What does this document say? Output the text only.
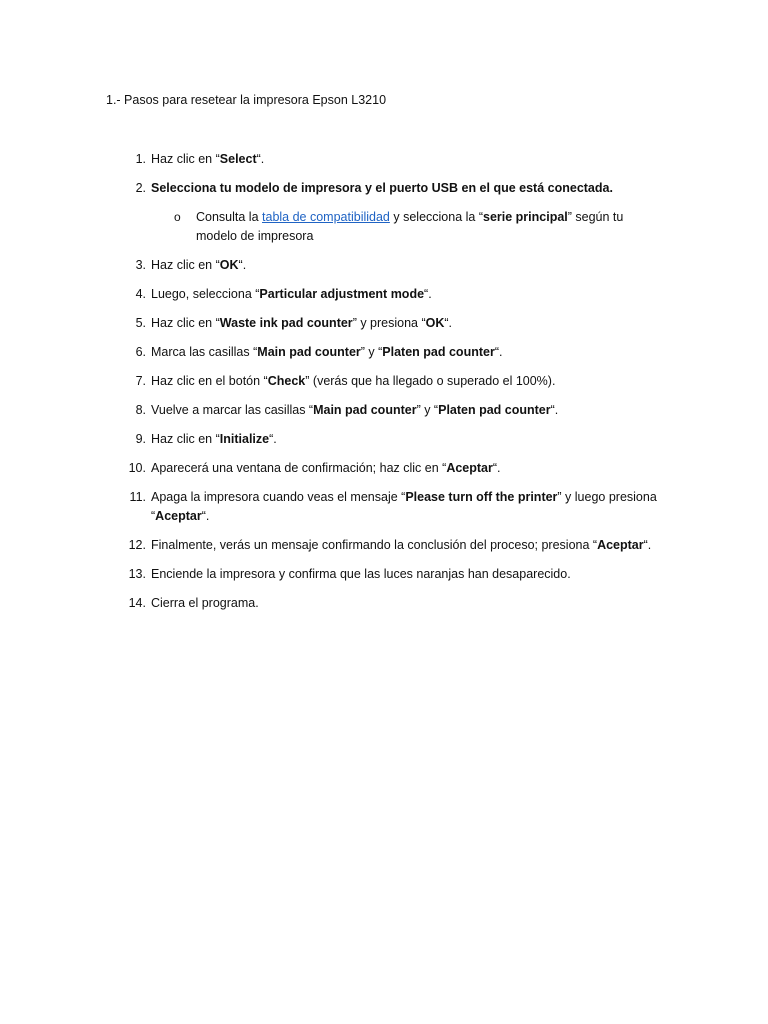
1.- Pasos para resetear la impresora Epson L3210
1. Haz clic en “Select“.
2. Selecciona tu modelo de impresora y el puerto USB en el que está conectada.
o Consulta la tabla de compatibilidad y selecciona la “serie principal” según tu modelo de impresora
3. Haz clic en “OK“.
4. Luego, selecciona “Particular adjustment mode“.
5. Haz clic en “Waste ink pad counter” y presiona “OK“.
6. Marca las casillas “Main pad counter” y “Platen pad counter“.
7. Haz clic en el botón “Check” (verás que ha llegado o superado el 100%).
8. Vuelve a marcar las casillas “Main pad counter” y “Platen pad counter“.
9. Haz clic en “Initialize“.
10. Aparecerá una ventana de confirmación; haz clic en “Aceptar“.
11. Apaga la impresora cuando veas el mensaje “Please turn off the printer” y luego presiona “Aceptar“.
12. Finalmente, verás un mensaje confirmando la conclusión del proceso; presiona “Aceptar“.
13. Enciende la impresora y confirma que las luces naranjas han desaparecido.
14. Cierra el programa.
